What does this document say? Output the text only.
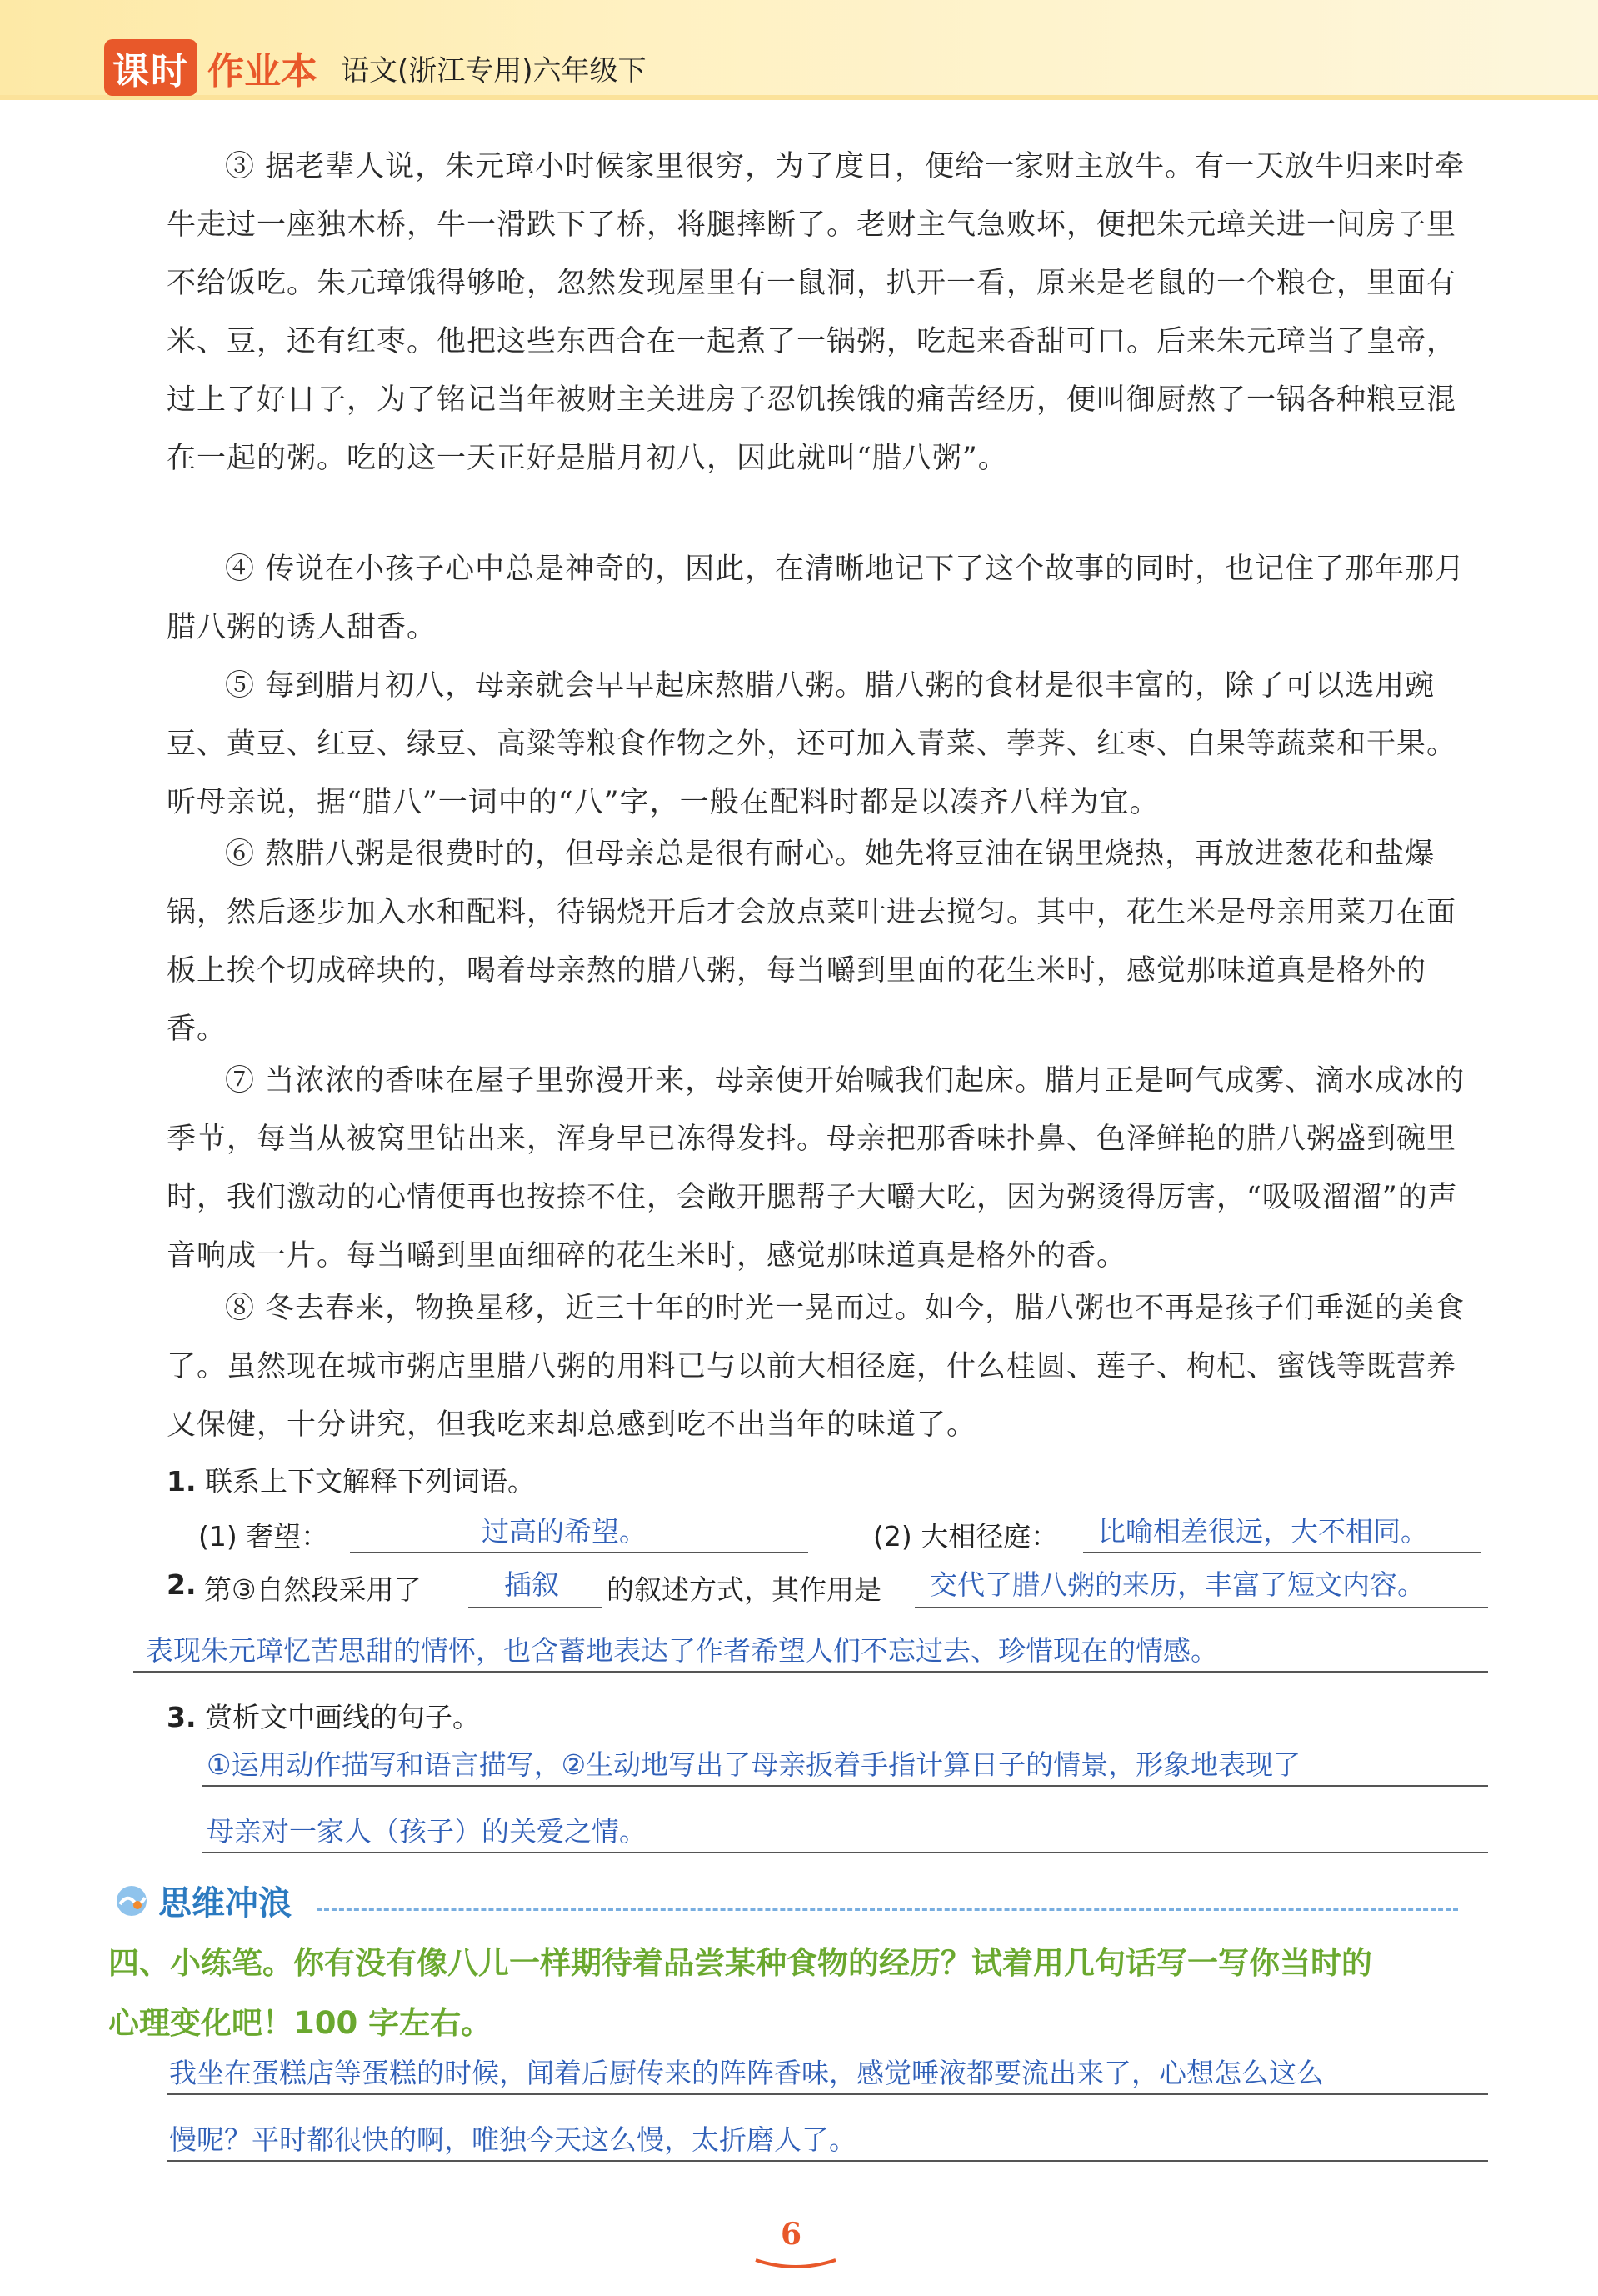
课时 作业本 语文(浙江专用)六年级下

③ 据老辈人说，朱元璋小时候家里很穷，为了度日，便给一家财主放牛。有一天放牛归来时牵牛走过一座独木桥，牛一滑跌下了桥，将腿摔断了。老财主气急败坏，便把朱元璋关进一间房子里不给饭吃。朱元璋饿得够呛，忽然发现屋里有一鼠洞，扒开一看，原来是老鼠的一个粮仓，里面有米、豆，还有红枣。他把这些东西合在一起煮了一锅粥，吃起来香甜可口。后来朱元璋当了皇帝，过上了好日子，为了铭记当年被财主关进房子忍饥挨饿的痛苦经历，便叫御厨熬了一锅各种粮豆混在一起的粥。吃的这一天正好是腊月初八，因此就叫“腊八粥”。

④ 传说在小孩子心中总是神奇的，因此，在清晰地记下了这个故事的同时，也记住了那年那月腊八粥的诱人甜香。

⑤ 每到腊月初八，母亲就会早早起床熬腊八粥。腊八粥的食材是很丰富的，除了可以选用豌豆、黄豆、红豆、绿豆、高粱等粮食作物之外，还可加入青菜、荸荠、红枣、白果等蔬菜和干果。听母亲说，据“腊八”一词中的“八”字，一般在配料时都是以凑齐八样为宜。

⑥ 熬腊八粥是很费时的，但母亲总是很有耐心。她先将豆油在锅里烧热，再放进葱花和盐爆锅，然后逐步加入水和配料，待锅烧开后才会放点菜叶进去搅匀。其中，花生米是母亲用菜刀在面板上挨个切成碎块的，喝着母亲熬的腊八粥，每当嚼到里面的花生米时，感觉那味道真是格外的香。

⑦ 当浓浓的香味在屋子里弥漫开来，母亲便开始喊我们起床。腊月正是呵气成雾、滴水成冰的季节，每当从被窝里钻出来，浑身早已冻得发抖。母亲把那香味扑鼻、色泽鲜艳的腊八粥盛到碗里时，我们激动的心情便再也按捺不住，会敞开腮帮子大嚼大吃，因为粥烫得厉害，“吸吸溜溜”的声音响成一片。每当嚼到里面细碎的花生米时，感觉那味道真是格外的香。

⑧ 冬去春来，物换星移，近三十年的时光一晃而过。如今，腊八粥也不再是孩子们垂涎的美食了。虽然现在城市粥店里腊八粥的用料已与以前大相径庭，什么桂圆、莲子、枸杞、蜜饯等既营养又保健，十分讲究，但我吃来却总感到吃不出当年的味道了。

1. 联系上下文解释下列词语。
(1) 奢望：	过高的希望。	(2) 大相径庭： 比喻相差很远，大不相同。
2. 第③自然段采用了	插叙 的叙述方式，其作用是 交代了腊八粥的来历，丰富了短文内容。
表现朱元璋忆苦思甜的情怀，也含蓄地表达了作者希望人们不忘过去、珍惜现在的情感。
3. 赏析文中画线的句子。
①运用动作描写和语言描写，②生动地写出了母亲扳着手指计算日子的情景，形象地表现了
母亲对一家人（孩子）的关爱之情。
思维冲浪
四、小练笔。你有没有像八儿一样期待着品尝某种食物的经历？试着用几句话写一写你当时的
心理变化吧！100 字左右。
我坐在蛋糕店等蛋糕的时候，闻着后厨传来的阵阵香味，感觉唾液都要流出来了，心想怎么这么
慢呢？平时都很快的啊，唯独今天这么慢，太折磨人了。
6
